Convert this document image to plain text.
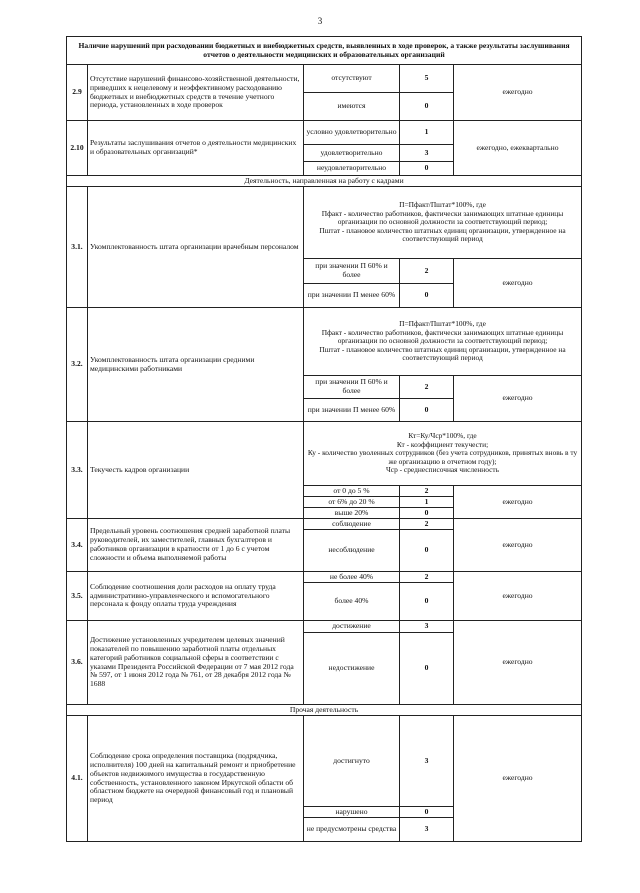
3
Наличие нарушений при расходовании бюджетных и внебюджетных средств, выявленных в ходе проверок, а также результаты заслушивания отчетов о деятельности медицинских и образовательных организаций				
2.9	Отсутствие нарушений финансово-хозяйственной деятельности, приведших к нецелевому и неэффективному расходованию бюджетных и внебюджетных средств в течение учетного периода, установленных в ходе проверок	отсутствуют	5	ежегодно
		имеются	0	
2.10	Результаты заслушивания отчетов о деятельности медицинских и образовательных организаций*	условно удовлетворительно	1	ежегодно, ежеквартально
		удовлетворительно	3	
		неудовлетворительно	0	
Деятельность, направленная на работу с кадрами				
3.1.	Укомплектованность штата организации врачебным персоналом	П=Пфакт/Пштат*100%, где
Пфакт - количество работников, фактически занимающих штатные единицы организации по основной должности за соответствующий период;
Пштат - плановое количество штатных единиц организации, утвержденное на соответствующий период		

		при значении П 60% и более	2	ежегодно
		при значении П менее 60%	0	
3.2.	Укомплектованность штата организации средними медицинскими работниками	П=Пфакт/Пштат*100%, где
Пфакт - количество работников, фактически занимающих штатные единицы организации по основной должности за соответствующий период;
Пштат - плановое количество штатных единиц организации, утвержденное на соответствующий период		

		при значении П 60% и более	2	ежегодно
		при значении П менее 60%	0	
3.3.	Текучесть кадров организации	Кт=Ку/Чср*100%, где
Кт - коэффициент текучести;
Ку - количество уволенных сотрудников (без учета сотрудников, принятых вновь в ту же организацию в отчетном году);
Чср - среднесписочная численность		

		от 0 до 5 %	2	ежегодно
		от 6% до 20 %	1	
		выше 20%	0	
3.4.	Предельный уровень соотношения средней заработной платы руководителей, их заместителей, главных бухгалтеров и работников организации в кратности от 1 до 6 с учетом сложности и объема выполняемой работы	соблюдение	2	ежегодно
		несоблюдение	0	
3.5.	Соблюдение соотношения доли расходов на оплату труда административно-управленческого и вспомогательного персонала к фонду оплаты труда учреждения	не более 40%	2	ежегодно
		более 40%	0	
3.6.	Достижение установленных учредителем целевых значений показателей по повышению заработной платы отдельных категорий работников социальной сферы в соответствии с указами Президента Российской Федерации от 7 мая 2012 года № 597, от 1 июня 2012 года № 761, от 28 декабря 2012 года № 1688	достижение	3	ежегодно
		недостижение	0	
Прочая деятельность				
4.1.	Соблюдение срока определения поставщика (подрядчика, исполнителя) 100 дней на капитальный ремонт и приобретение объектов недвижимого имущества в государственную собственность, установленного законом Иркутской области об областном бюджете на очередной финансовый год и плановый период	достигнуто	3	ежегодно
		нарушено	0	
		не предусмотрены средства	3	
